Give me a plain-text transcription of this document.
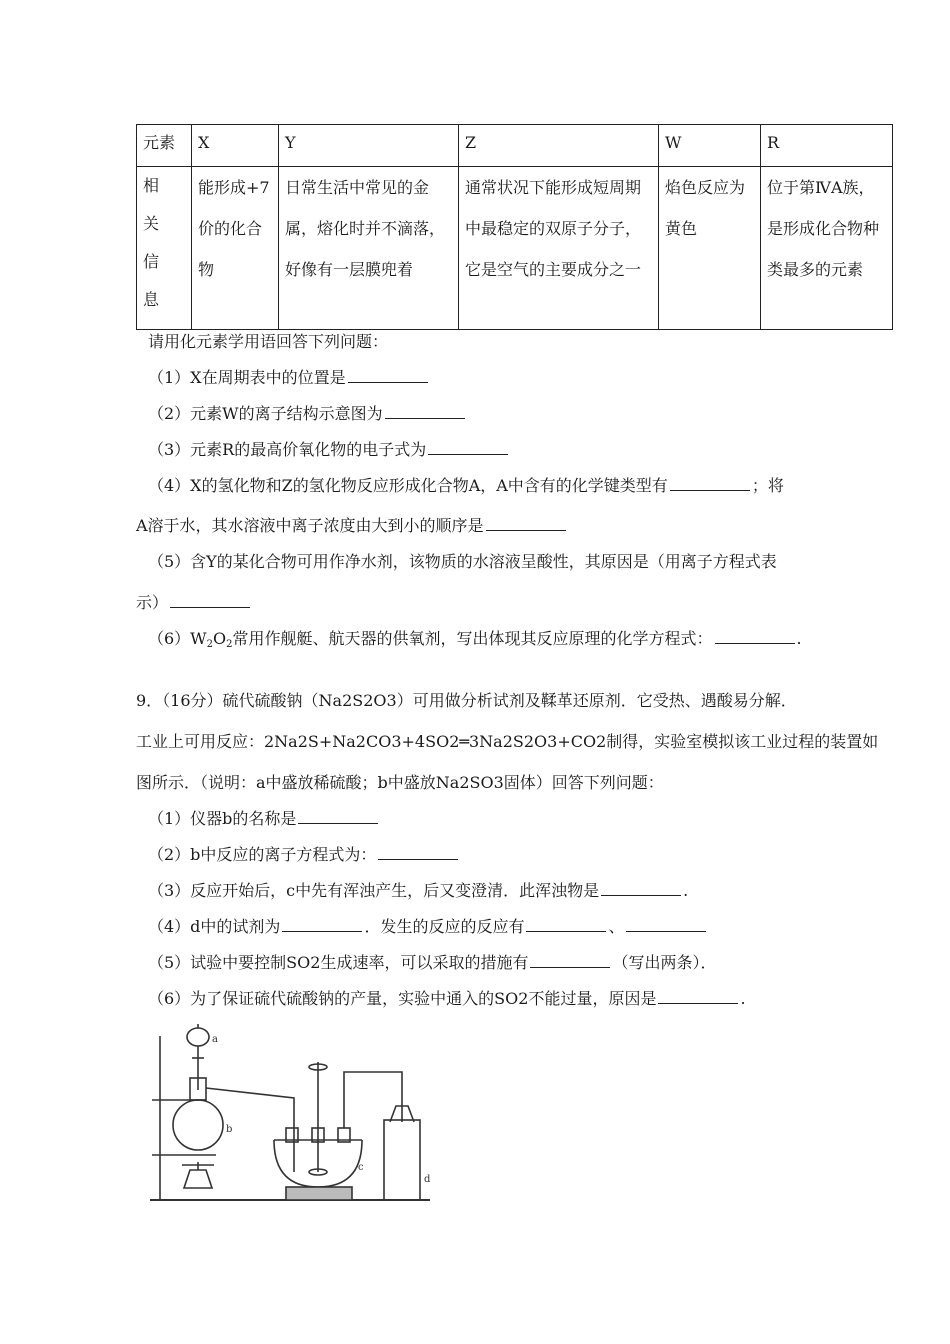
元素	X	Y	Z	W	R
相关信息	能形成+7价的化合物	日常生活中常见的金属，熔化时并不滴落，好像有一层膜兜着	通常状况下能形成短周期中最稳定的双原子分子，它是空气的主要成分之一	焰色反应为黄色	位于第ⅣA族，是形成化合物种类最多的元素
请用化元素学用语回答下列问题：
（1）X在周期表中的位置是
（2）元素W的离子结构示意图为
（3）元素R的最高价氧化物的电子式为
（4）X的氢化物和Z的氢化物反应形成化合物A，A中含有的化学键类型有	；将
A溶于水，其水溶液中离子浓度由大到小的顺序是
（5）含Y的某化合物可用作净水剂，该物质的水溶液呈酸性，其原因是（用离子方程式表
示）
$(6)W_2O_2$常用作舰艇、航天器的供氧剂，写出体现其反应原理的化学方程式：	.
9．（16分）硫代硫酸钠（Na2S2O3）可用做分析试剂及鞣革还原剂．它受热、遇酸易分解．
工业上可用反应：2Na2S+Na2CO3+4SO2═3Na2S2O3+CO2制得，实验室模拟该工业过程的装置如
图所示．（说明：a中盛放稀硫酸；b中盛放Na2SO3固体）回答下列问题：
（1）仪器b的名称是
（2）b中反应的离子方程式为：
（3）反应开始后，c中先有浑浊产生，后又变澄清．此浑浊物是	.
（4）d中的试剂为	．发生的反应的反应有	、
（5）试验中要控制SO2生成速率，可以采取的措施有	（写出两条）．
（6）为了保证硫代硫酸钠的产量，实验中通入的SO2不能过量，原因是	.
a
b
c
d
